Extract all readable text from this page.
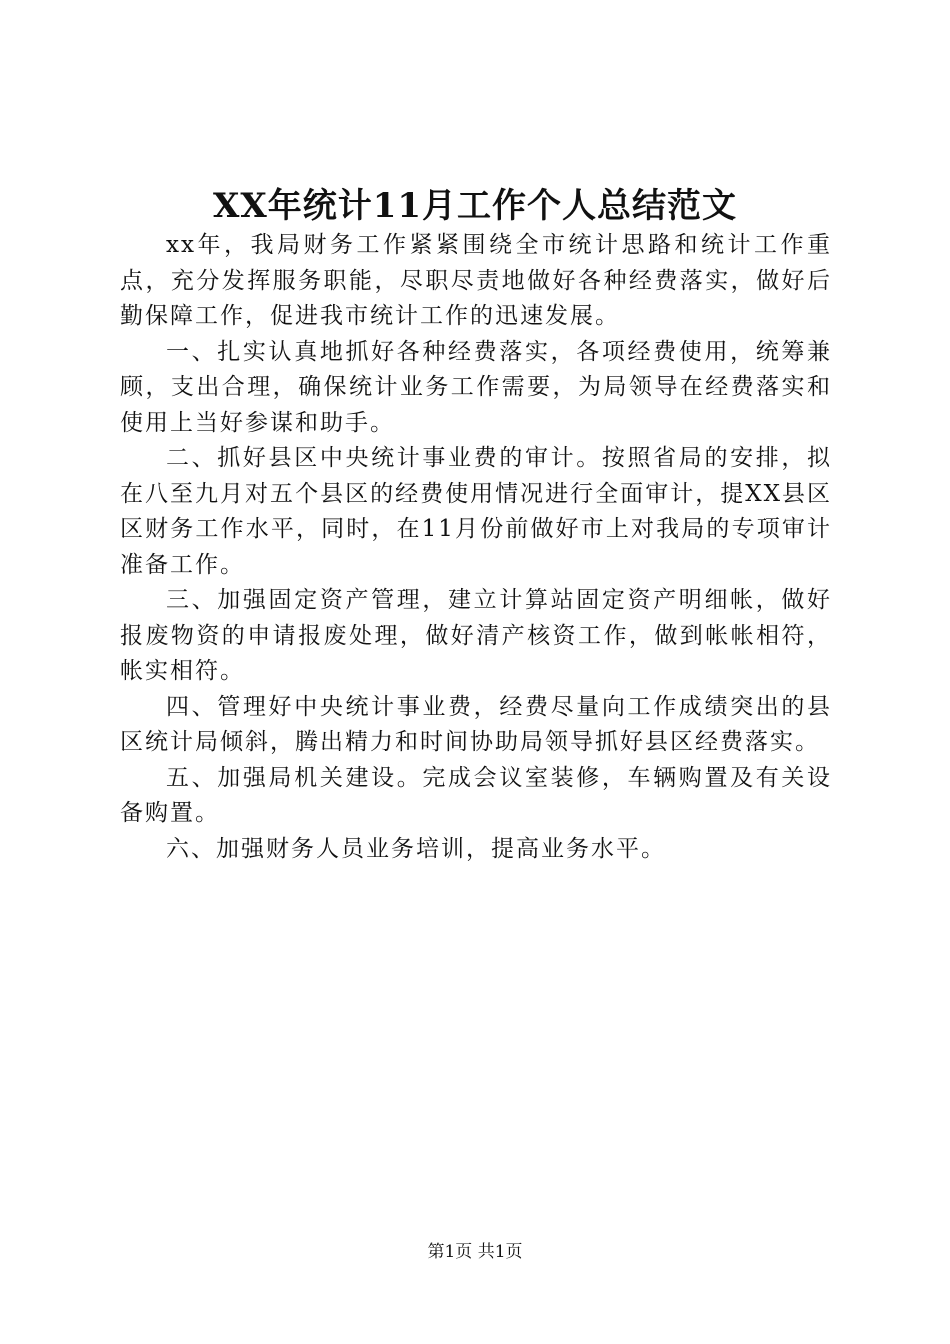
XX年统计11月工作个人总结范文

xx年，我局财务工作紧紧围绕全市统计思路和统计工作重点，充分发挥服务职能，尽职尽责地做好各种经费落实，做好后勤保障工作，促进我市统计工作的迅速发展。

一、扎实认真地抓好各种经费落实，各项经费使用，统筹兼顾，支出合理，确保统计业务工作需要，为局领导在经费落实和使用上当好参谋和助手。

二、抓好县区中央统计事业费的审计。按照省局的安排，拟在八至九月对五个县区的经费使用情况进行全面审计，提XX县区区财务工作水平，同时，在11月份前做好市上对我局的专项审计准备工作。

三、加强固定资产管理，建立计算站固定资产明细帐，做好报废物资的申请报废处理，做好清产核资工作，做到帐帐相符，帐实相符。

四、管理好中央统计事业费，经费尽量向工作成绩突出的县区统计局倾斜，腾出精力和时间协助局领导抓好县区经费落实。

五、加强局机关建设。完成会议室装修，车辆购置及有关设备购置。

六、加强财务人员业务培训，提高业务水平。

第1页 共1页
